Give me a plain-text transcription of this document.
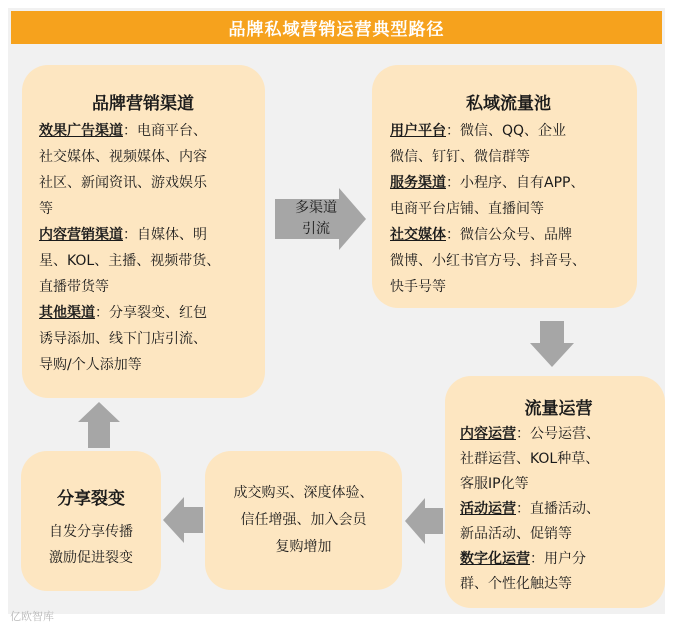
品牌私域营销运营典型路径
品牌营销渠道
效果广告渠道：电商平台、
社交媒体、视频媒体、内容
社区、新闻资讯、游戏娱乐
等
内容营销渠道：自媒体、明
星、KOL、主播、视频带货、
直播带货等
其他渠道：分享裂变、红包
诱导添加、线下门店引流、
导购/个人添加等
多渠道
引流
私域流量池
用户平台：微信、QQ、企业
微信、钉钉、微信群等
服务渠道：小程序、自有APP、
电商平台店铺、直播间等
社交媒体：微信公众号、品牌
微博、小红书官方号、抖音号、
快手号等
流量运营
内容运营：公号运营、
社群运营、KOL种草、
客服IP化等
活动运营：直播活动、
新品活动、促销等
数字化运营：用户分
群、个性化触达等
成交购买、深度体验、
信任增强、加入会员
复购增加
分享裂变
自发分享传播
激励促进裂变
亿欧智库
